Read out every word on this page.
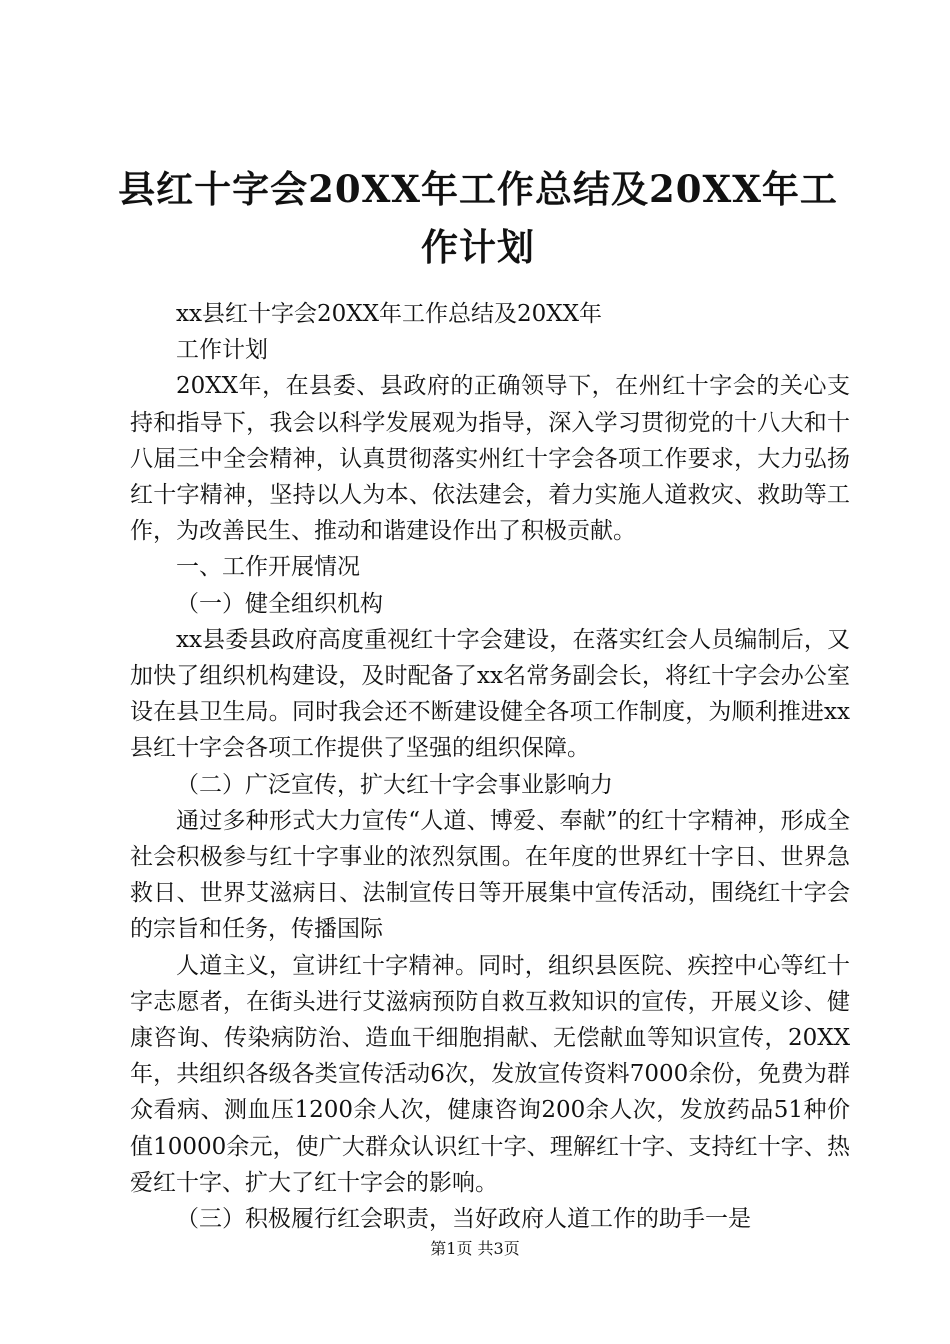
县红十字会20XX年工作总结及20XX年工作计划

xx县红十字会20XX年工作总结及20XX年

工作计划

20XX年，在县委、县政府的正确领导下，在州红十字会的关心支持和指导下，我会以科学发展观为指导，深入学习贯彻党的十八大和十八届三中全会精神，认真贯彻落实州红十字会各项工作要求，大力弘扬红十字精神，坚持以人为本、依法建会，着力实施人道救灾、救助等工作，为改善民生、推动和谐建设作出了积极贡献。

一、工作开展情况

（一）健全组织机构

xx县委县政府高度重视红十字会建设，在落实红会人员编制后，又加快了组织机构建设，及时配备了xx名常务副会长，将红十字会办公室设在县卫生局。同时我会还不断建设健全各项工作制度，为顺利推进xx县红十字会各项工作提供了坚强的组织保障。

（二）广泛宣传，扩大红十字会事业影响力

通过多种形式大力宣传“人道、博爱、奉献”的红十字精神，形成全社会积极参与红十字事业的浓烈氛围。在年度的世界红十字日、世界急救日、世界艾滋病日、法制宣传日等开展集中宣传活动，围绕红十字会的宗旨和任务，传播国际

人道主义，宣讲红十字精神。同时，组织县医院、疾控中心等红十字志愿者，在街头进行艾滋病预防自救互救知识的宣传，开展义诊、健康咨询、传染病防治、造血干细胞捐献、无偿献血等知识宣传，20XX年，共组织各级各类宣传活动6次，发放宣传资料7000余份，免费为群众看病、测血压1200余人次，健康咨询200余人次，发放药品51种价值10000余元，使广大群众认识红十字、理解红十字、支持红十字、热爱红十字、扩大了红十字会的影响。

（三）积极履行红会职责，当好政府人道工作的助手一是

第1页 共3页
